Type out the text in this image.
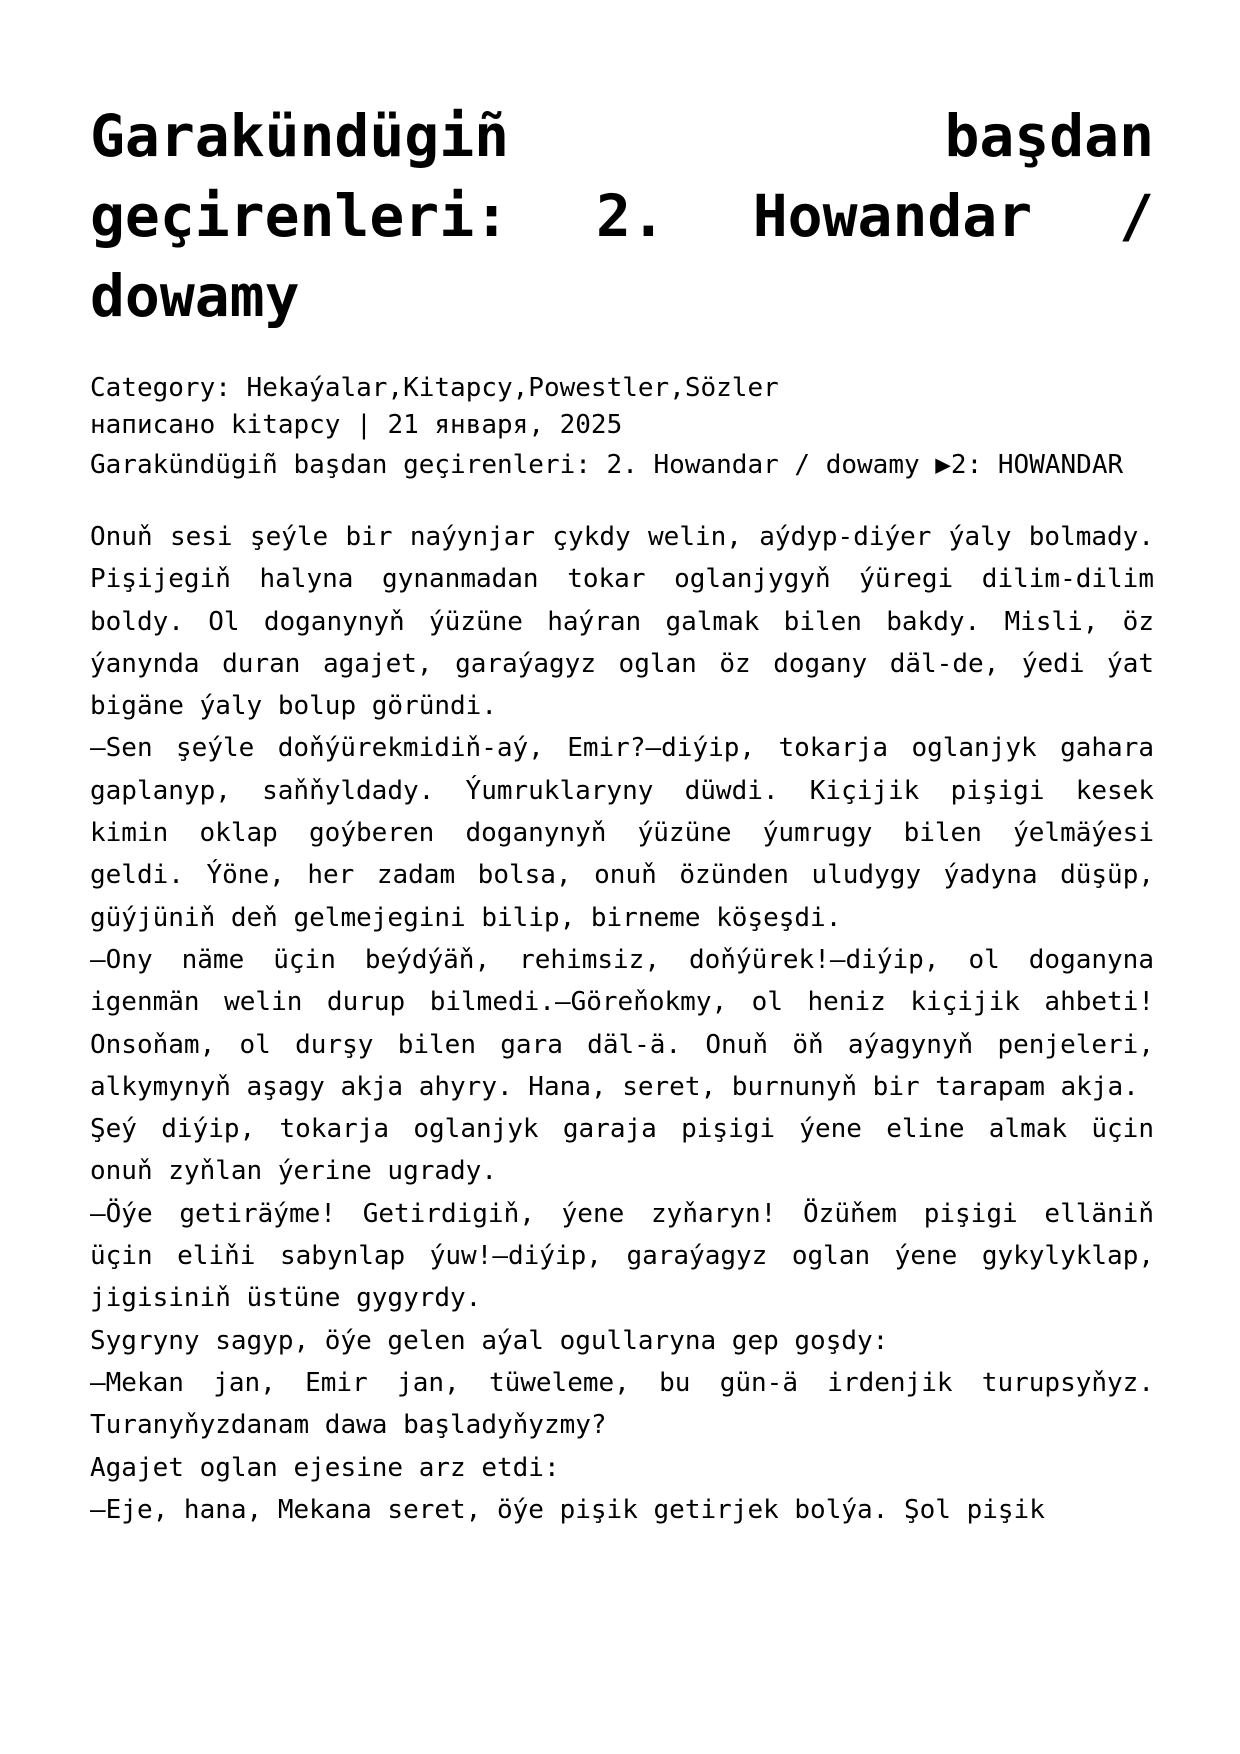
Garakündügiñ başdan geçirenleri: 2. Howandar / dowamy
Category: Hekaýalar,Kitapcy,Powestler,Sözler
написано kitapcy | 21 января, 2025

Garakündügiñ başdan geçirenleri: 2. Howandar / dowamy ▶2: HOWANDAR

Onuň sesi şeýle bir naýynjar çykdy welin, aýdyp-diýer ýaly bolmady. Pişijegiň halyna gynanmadan tokar oglanjygyň ýüregi dilim-dilim boldy. Ol doganynyň ýüzüne haýran galmak bilen bakdy. Misli, öz ýanynda duran agajet, garaýagyz oglan öz dogany däl-de, ýedi ýat bigäne ýaly bolup göründi.

—Sen şeýle doňýürekmidiň-aý, Emir?—diýip, tokarja oglanjyk gahara gaplanyp, saňňyldady. Ýumruklaryny düwdi. Kiçijik pişigi kesek kimin oklap goýberen doganynyň ýüzüne ýumrugy bilen ýelmäýesi geldi. Ýöne, her zadam bolsa, onuň özünden uludygy ýadyna düşüp, güýjüniň deň gelmejegini bilip, birneme köşeşdi.

—Ony näme üçin beýdýäň, rehimsiz, doňýürek!—diýip, ol doganyna igenmän welin durup bilmedi.—Göreňokmy, ol heniz kiçijik ahbeti! Onsoňam, ol durşy bilen gara däl-ä. Onuň öň aýagynyň penjeleri, alkymynyň aşagy akja ahyry. Hana, seret, burnunyň bir tarapam akja.

Şeý diýip, tokarja oglanjyk garaja pişigi ýene eline almak üçin onuň zyňlan ýerine ugrady.

—Öýe getiräýme! Getirdigiň, ýene zyňaryn! Özüňem pişigi elläniň üçin eliňi sabynlap ýuw!—diýip, garaýagyz oglan ýene gykylyklap, jigisiniň üstüne gygyrdy.

Sygryny sagyp, öýe gelen aýal ogullaryna gep goşdy:

—Mekan jan, Emir jan, tüweleme, bu gün-ä irdenjik turupsyňyz. Turanyňyzdanam dawa başladyňyzmy?

Agajet oglan ejesine arz etdi:

—Eje, hana, Mekana seret, öýe pişik getirjek bolýa. Şol pişik
